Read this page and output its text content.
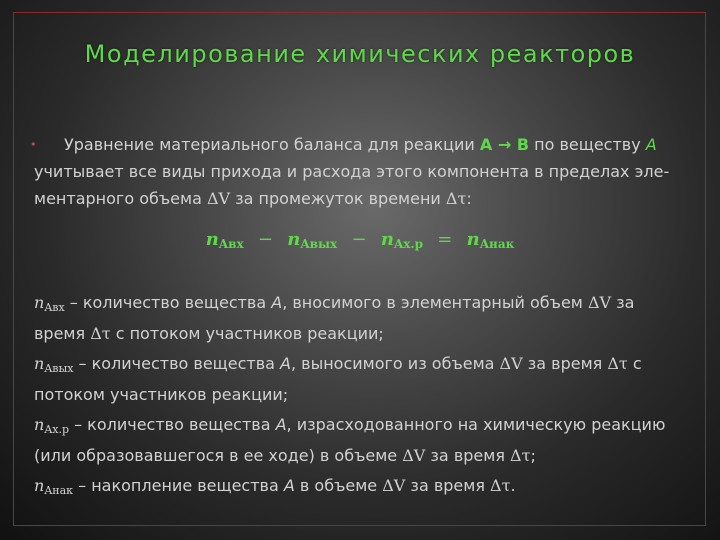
Моделирование химических реакторов
• Уравнение материального баланса для реакции A → B по веществу A
учитывает все виды прихода и расхода этого компонента в пределах эле-
ментарного объема ΔV за промежуток времени Δτ:
$n_{Aвх} - n_{Aвых} - n_{Ax.p} = n_{Aнак}$

$n_{Aвх}$ – количество вещества A, вносимого в элементарный объем ΔV за время Δτ с потоком участников реакции;

$n_{Aвых}$ – количество вещества A, выносимого из объема ΔV за время Δτ с потоком участников реакции;

$n_{Ax.p}$ – количество вещества A, израсходованного на химическую реакцию (или образовавшегося в ее ходе) в объеме ΔV за время Δτ;

$n_{Aнак}$ – накопление вещества A в объеме ΔV за время Δτ.
